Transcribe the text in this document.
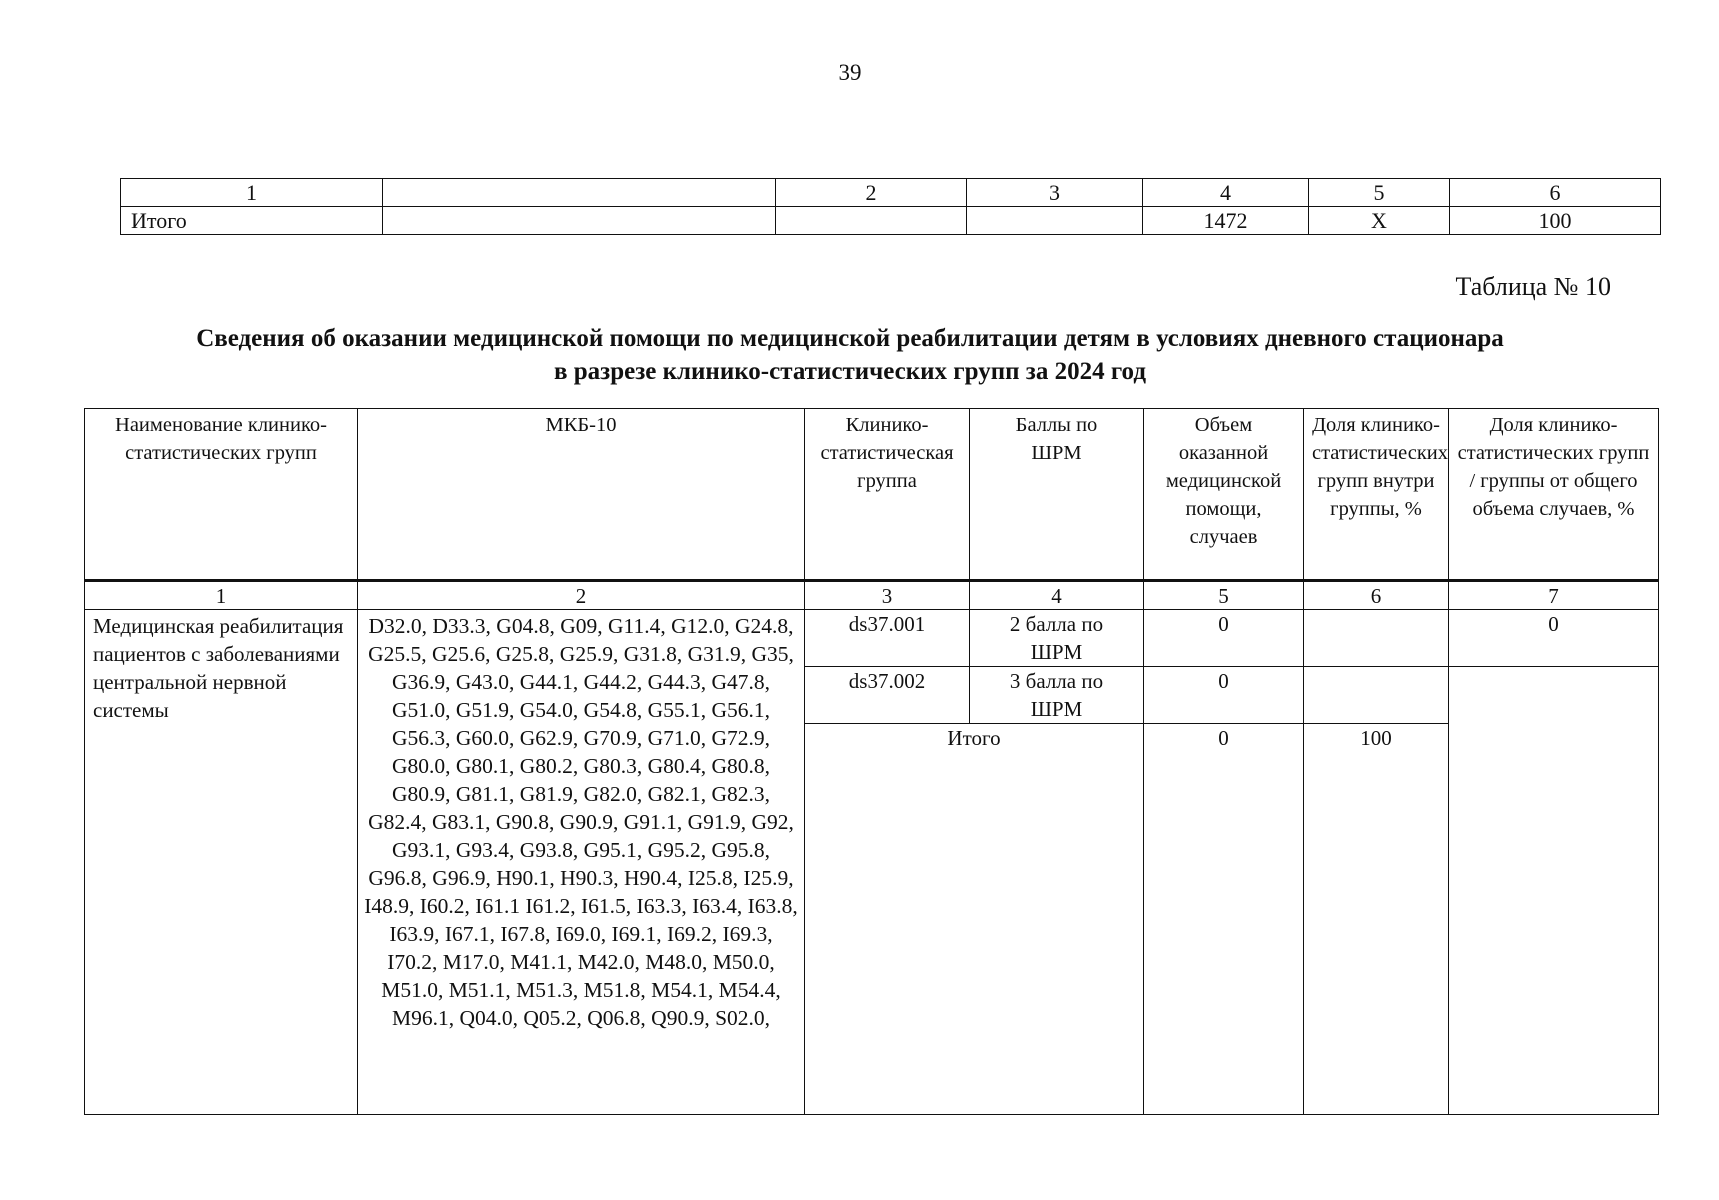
39
1		2	3	4	5	6
Итого				1472	X	100
Таблица № 10
Сведения об оказании медицинской помощи по медицинской реабилитации детям в условиях дневного стационара
в разрезе клинико-статистических групп за 2024 год
Наименование клинико-статистических групп	МКБ-10	Клинико-статистическая группа	Баллы по ШРМ	Объем оказанной медицинской помощи, случаев	Доля клинико-статистических групп внутри группы, %	Доля клинико-статистических групп / группы от общего объема случаев, %
1	2	3	4	5	6	7
Медицинская реабилитация пациентов с заболеваниями центральной нервной системы	D32.0, D33.3, G04.8, G09, G11.4, G12.0, G24.8, G25.5, G25.6, G25.8, G25.9, G31.8, G31.9, G35, G36.9, G43.0, G44.1, G44.2, G44.3, G47.8, G51.0, G51.9, G54.0, G54.8, G55.1, G56.1, G56.3, G60.0, G62.9, G70.9, G71.0, G72.9, G80.0, G80.1, G80.2, G80.3, G80.4, G80.8, G80.9, G81.1, G81.9, G82.0, G82.1, G82.3, G82.4, G83.1, G90.8, G90.9, G91.1, G91.9, G92, G93.1, G93.4, G93.8, G95.1, G95.2, G95.8, G96.8, G96.9, H90.1, H90.3, H90.4, I25.8, I25.9, I48.9, I60.2, I61.1 I61.2, I61.5, I63.3, I63.4, I63.8, I63.9, I67.1, I67.8, I69.0, I69.1, I69.2, I69.3, I70.2, M17.0, M41.1, M42.0, M48.0, M50.0, M51.0, M51.1, M51.3, M51.8, M54.1, M54.4, M96.1, Q04.0, Q05.2, Q06.8, Q90.9, S02.0,	ds37.001	2 балла по ШРМ	0		0
		ds37.002	3 балла по ШРМ	0		
		Итого		0	100	
